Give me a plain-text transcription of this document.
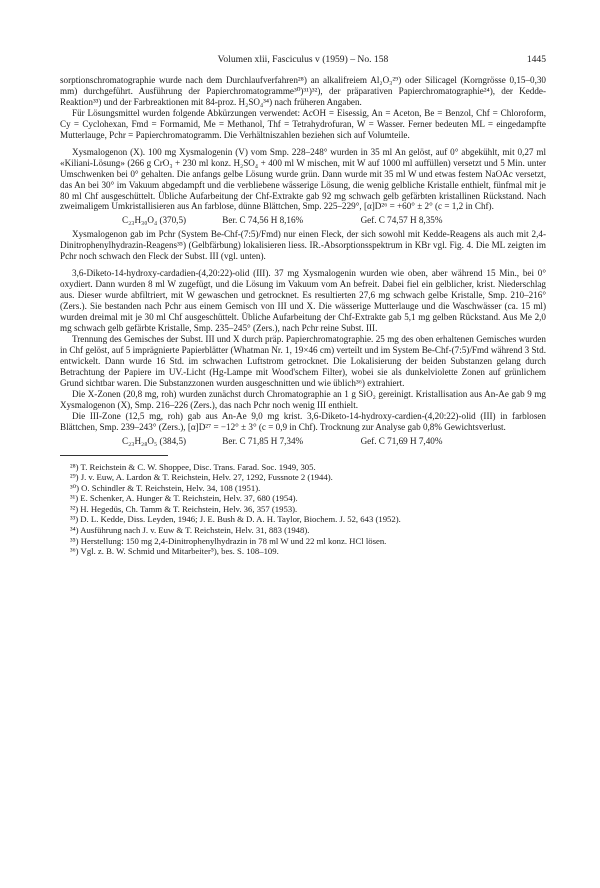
Volumen xlii, Fasciculus v (1959) – No. 158	1445

sorptionschromatographie wurde nach dem Durchlaufverfahren²⁸) an alkalifreiem Al₂O₃²⁹) oder Silicagel (Korngrösse 0,15–0,30 mm) durchgeführt. Ausführung der Papierchromatogramme³⁰)³¹)³²), der präparativen Papierchromatographie²⁴), der Kedde-Reaktion³³) und der Farbreaktionen mit 84-proz. H₂SO₄³⁴) nach früheren Angaben.

Für Lösungsmittel wurden folgende Abkürzungen verwendet: AcOH = Eisessig, An = Aceton, Be = Benzol, Chf = Chloroform, Cy = Cyclohexan, Fmd = Formamid, Me = Methanol, Thf = Tetrahydrofuran, W = Wasser. Ferner bedeuten ML = eingedampfte Mutterlauge, Pchr = Papierchromatogramm. Die Verhältniszahlen beziehen sich auf Volumteile.

Xysmalogenon (X). 100 mg Xysmalogenin (V) vom Smp. 228–248° wurden in 35 ml An gelöst, auf 0° abgekühlt, mit 0,27 ml «Kiliani-Lösung» (266 g CrO₃ + 230 ml konz. H₂SO₄ + 400 ml W mischen, mit W auf 1000 ml auffüllen) versetzt und 5 Min. unter Umschwenken bei 0° gehalten. Die anfangs gelbe Lösung wurde grün. Dann wurde mit 35 ml W und etwas festem NaOAc versetzt, das An bei 30° im Vakuum abgedampft und die verbliebene wässerige Lösung, die wenig gelbliche Kristalle enthielt, fünfmal mit je 80 ml Chf ausgeschüttelt. Übliche Aufarbeitung der Chf-Extrakte gab 92 mg schwach gelb gefärbten kristallinen Rückstand. Nach zweimaligem Umkristallisieren aus An farblose, dünne Blättchen, Smp. 225–229°, [α]D²⁶ = +60° ± 2° (c = 1,2 in Chf).

C₂₃H₃₀O₄ (370,5)	Ber. C 74,56 H 8,16%	Gef. C 74,57 H 8,35%

Xysmalogenon gab im Pchr (System Be-Chf-(7:5)/Fmd) nur einen Fleck, der sich sowohl mit Kedde-Reagens als auch mit 2,4-Dinitrophenylhydrazin-Reagens³⁵) (Gelbfärbung) lokalisieren liess. IR.-Absorptionsspektrum in KBr vgl. Fig. 4. Die ML zeigten im Pchr noch schwach den Fleck der Subst. III (vgl. unten).

3,6-Diketo-14-hydroxy-cardadien-(4,20:22)-olid (III). 37 mg Xysmalogenin wurden wie oben, aber während 15 Min., bei 0° oxydiert. Dann wurden 8 ml W zugefügt, und die Lösung im Vakuum vom An befreit. Dabei fiel ein gelblicher, krist. Niederschlag aus. Dieser wurde abfiltriert, mit W gewaschen und getrocknet. Es resultierten 27,6 mg schwach gelbe Kristalle, Smp. 210–216° (Zers.). Sie bestanden nach Pchr aus einem Gemisch von III und X. Die wässerige Mutterlauge und die Waschwässer (ca. 15 ml) wurden dreimal mit je 30 ml Chf ausgeschüttelt. Übliche Aufarbeitung der Chf-Extrakte gab 5,1 mg gelben Rückstand. Aus Me 2,0 mg schwach gelb gefärbte Kristalle, Smp. 235–245° (Zers.), nach Pchr reine Subst. III.

Trennung des Gemisches der Subst. III und X durch präp. Papierchromatographie. 25 mg des oben erhaltenen Gemisches wurden in Chf gelöst, auf 5 imprägnierte Papierblätter (Whatman Nr. 1, 19×46 cm) verteilt und im System Be-Chf-(7:5)/Fmd während 3 Std. entwickelt. Dann wurde 16 Std. im schwachen Luftstrom getrocknet. Die Lokalisierung der beiden Substanzen gelang durch Betrachtung der Papiere im UV.-Licht (Hg-Lampe mit Wood'schem Filter), wobei sie als dunkelviolette Zonen auf grünlichem Grund sichtbar waren. Die Substanzzonen wurden ausgeschnitten und wie üblich³⁶) extrahiert.

Die X-Zonen (20,8 mg, roh) wurden zunächst durch Chromatographie an 1 g SiO₂ gereinigt. Kristallisation aus An-Ae gab 9 mg Xysmalogenon (X), Smp. 216–226 (Zers.), das nach Pchr noch wenig III enthielt.

Die III-Zone (12,5 mg, roh) gab aus An-Ae 9,0 mg krist. 3,6-Diketo-14-hydroxy-cardien-(4,20:22)-olid (III) in farblosen Blättchen, Smp. 239–243° (Zers.), [α]D²⁷ = −12° ± 3° (c = 0,9 in Chf). Trocknung zur Analyse gab 0,8% Gewichtsverlust.

C₂₃H₂₈O₅ (384,5)	Ber. C 71,85 H 7,34%	Gef. C 71,69 H 7,40%

²⁸) T. Reichstein & C. W. Shoppee, Disc. Trans. Farad. Soc. 1949, 305.

²⁹) J. v. Euw, A. Lardon & T. Reichstein, Helv. 27, 1292, Fussnote 2 (1944).

³⁰) O. Schindler & T. Reichstein, Helv. 34, 108 (1951).

³¹) E. Schenker, A. Hunger & T. Reichstein, Helv. 37, 680 (1954).

³²) H. Hegedüs, Ch. Tamm & T. Reichstein, Helv. 36, 357 (1953).

³³) D. L. Kedde, Diss. Leyden, 1946; J. E. Bush & D. A. H. Taylor, Biochem. J. 52, 643 (1952).

³⁴) Ausführung nach J. v. Euw & T. Reichstein, Helv. 31, 883 (1948).

³⁵) Herstellung: 150 mg 2,4-Dinitrophenylhydrazin in 78 ml W und 22 ml konz. HCl lösen.

³⁶) Vgl. z. B. W. Schmid und Mitarbeiter⁵), bes. S. 108–109.
